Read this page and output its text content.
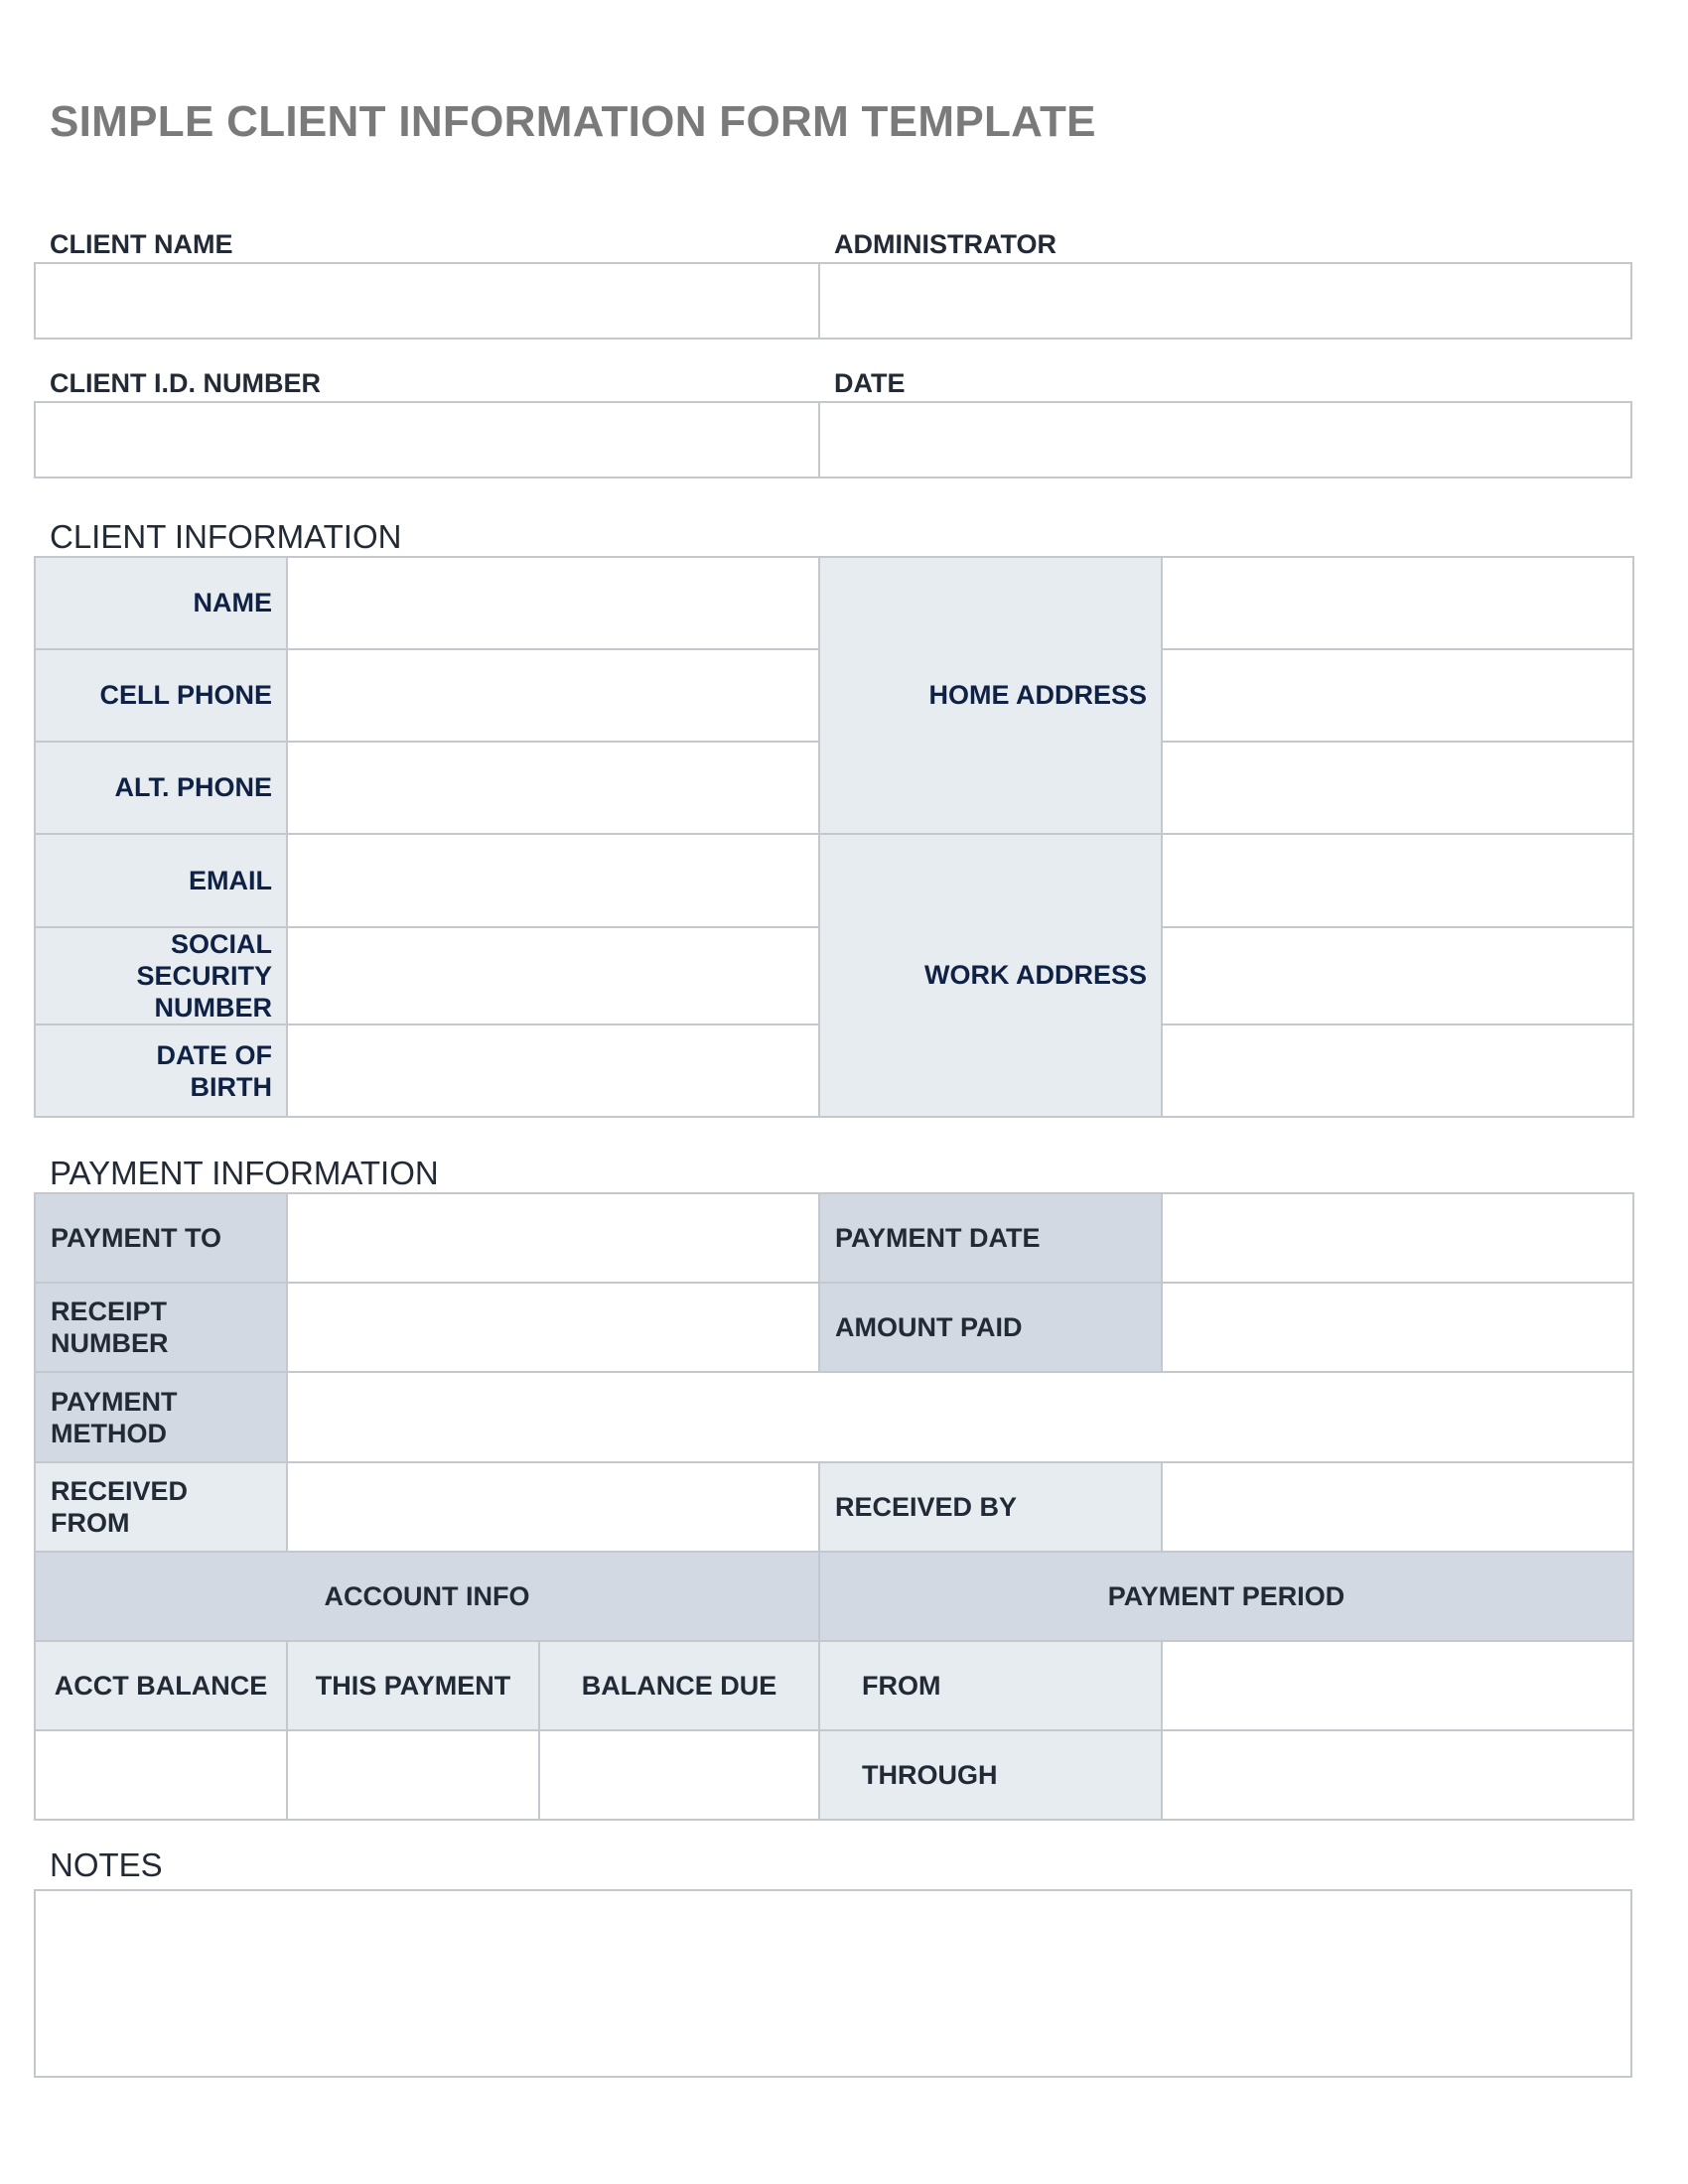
SIMPLE CLIENT INFORMATION FORM TEMPLATE
CLIENT NAME	ADMINISTRATOR
CLIENT I.D. NUMBER	DATE
CLIENT INFORMATION
NAME		HOME ADDRESS	
CELL PHONE			
ALT. PHONE			
EMAIL		WORK ADDRESS	

SOCIAL SECURITY NUMBER			

DATE OF BIRTH			

PAYMENT INFORMATION
PAYMENT TO			PAYMENT DATE	

RECEIPT NUMBER			AMOUNT PAID	

PAYMENT METHOD				

RECEIVED FROM			RECEIVED BY	
ACCOUNT INFO			PAYMENT PERIOD	
ACCT BALANCE	THIS PAYMENT	BALANCE DUE	FROM	
			THROUGH	
NOTES
